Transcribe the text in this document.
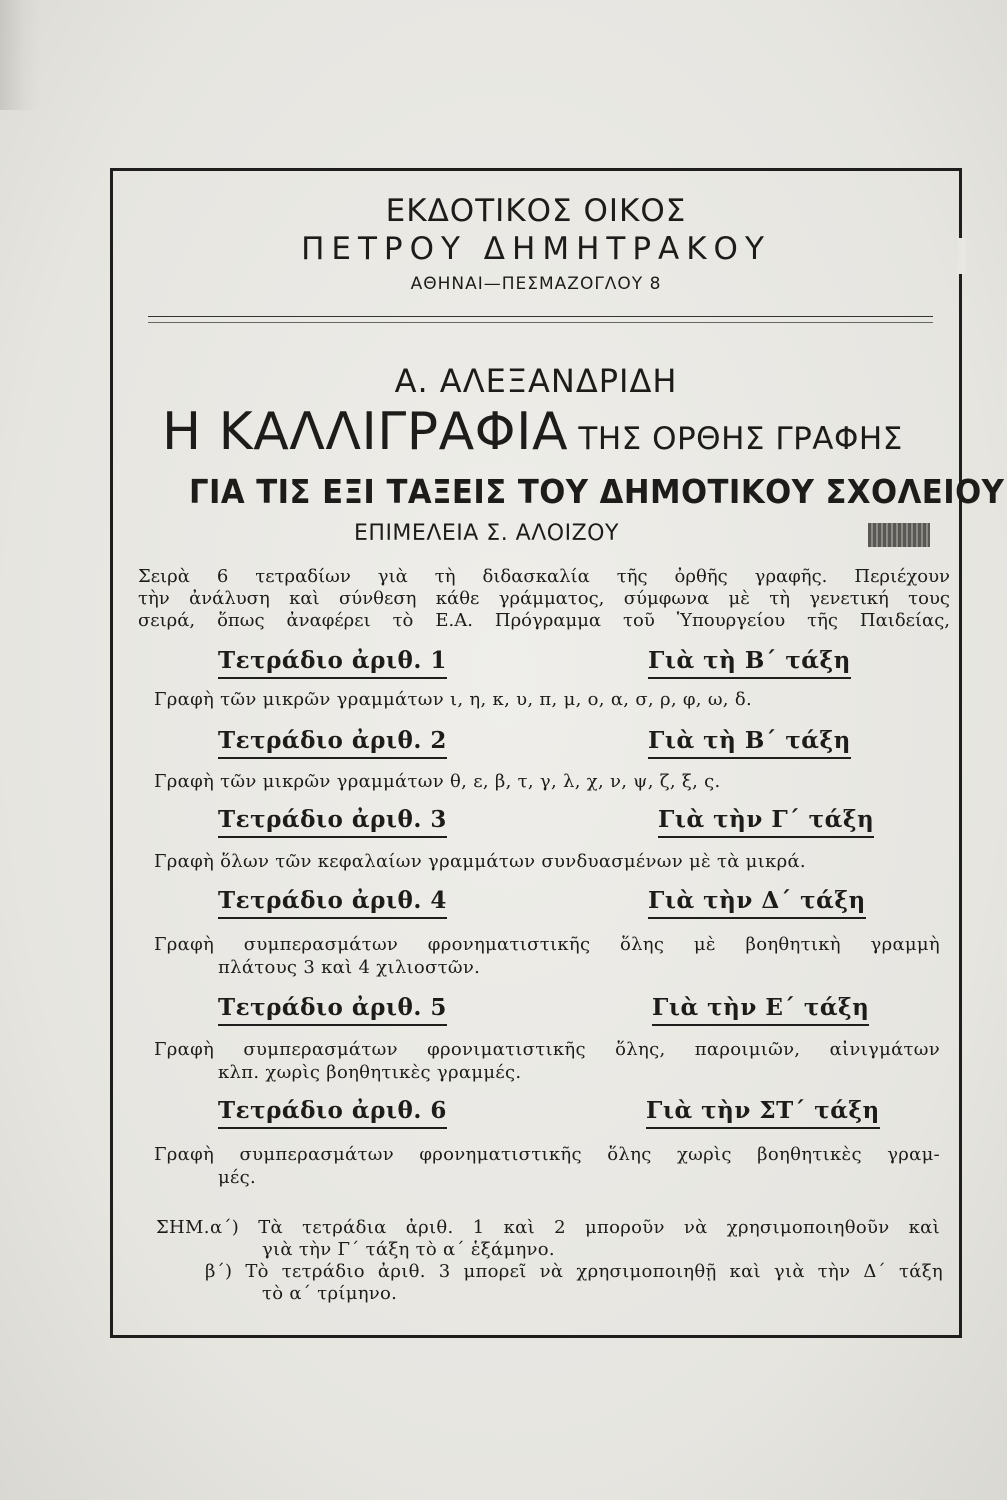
ΕΚΔΟΤΙΚΟΣ ΟΙΚΟΣ
ΠΕΤΡΟΥ ΔΗΜΗΤΡΑΚΟΥ
ΑΘΗΝΑΙ—ΠΕΣΜΑΖΟΓΛΟΥ 8
Α. ΑΛΕΞΑΝΔΡΙΔΗ
Η ΚΑΛΛΙΓΡΑΦΙΑ ΤΗΣ ΟΡΘΗΣ ΓΡΑΦΗΣ
ΓΙΑ ΤΙΣ ΕΞΙ ΤΑΞΕΙΣ ΤΟΥ ΔΗΜΟΤΙΚΟΥ ΣΧΟΛΕΙΟΥ
ΕΠΙΜΕΛΕΙΑ Σ. ΑΛΟΙΖΟΥ
Σειρὰ 6 τετραδίων γιὰ τὴ διδασκαλία τῆς ὀρθῆς γραφῆς. Περιέχουν
τὴν ἀνάλυση καὶ σύνθεση κάθε γράμματος, σύμφωνα μὲ τὴ γενετική τους
σειρά, ὅπως ἀναφέρει τὸ Ε.Α. Πρόγραμμα τοῦ Ὑπουργείου τῆς Παιδείας,
Τετράδιο ἀριθ. 1	Γιὰ τὴ Β΄ τάξη
Γραφὴ τῶν μικρῶν γραμμάτων ι, η, κ, υ, π, μ, ο, α, σ, ρ, φ, ω, δ.
Τετράδιο ἀριθ. 2	Γιὰ τὴ Β΄ τάξη
Γραφὴ τῶν μικρῶν γραμμάτων θ, ε, β, τ, γ, λ, χ, ν, ψ, ζ, ξ, ς.
Τετράδιο ἀριθ. 3	Γιὰ τὴν Γ΄ τάξη
Γραφὴ ὅλων τῶν κεφαλαίων γραμμάτων συνδυασμένων μὲ τὰ μικρά.
Τετράδιο ἀριθ. 4	Γιὰ τὴν Δ΄ τάξη
Γραφὴ συμπερασμάτων φρονηματιστικῆς ὅλης μὲ βοηθητικὴ γραμμὴ
πλάτους 3 καὶ 4 χιλιοστῶν.
Τετράδιο ἀριθ. 5	Γιὰ τὴν Ε΄ τάξη
Γραφὴ συμπερασμάτων φρονιματιστικῆς ὅλης, παροιμιῶν, αἰνιγμάτων
κλπ. χωρὶς βοηθητικὲς γραμμές.
Τετράδιο ἀριθ. 6	Γιὰ τὴν ΣΤ΄ τάξη
Γραφὴ συμπερασμάτων φρονηματιστικῆς ὅλης χωρὶς βοηθητικὲς γραμ-
μές.
ΣΗΜ. α΄) Τὰ τετράδια ἀριθ. 1 καὶ 2 μποροῦν νὰ χρησιμοποιηθοῦν καὶ
γιὰ τὴν Γ΄ τάξη τὸ α΄ ἑξάμηνο.
β΄) Τὸ τετράδιο ἀριθ. 3 μπορεῖ νὰ χρησιμοποιηθῇ καὶ γιὰ τὴν Δ΄ τάξη
τὸ α΄ τρίμηνο.
